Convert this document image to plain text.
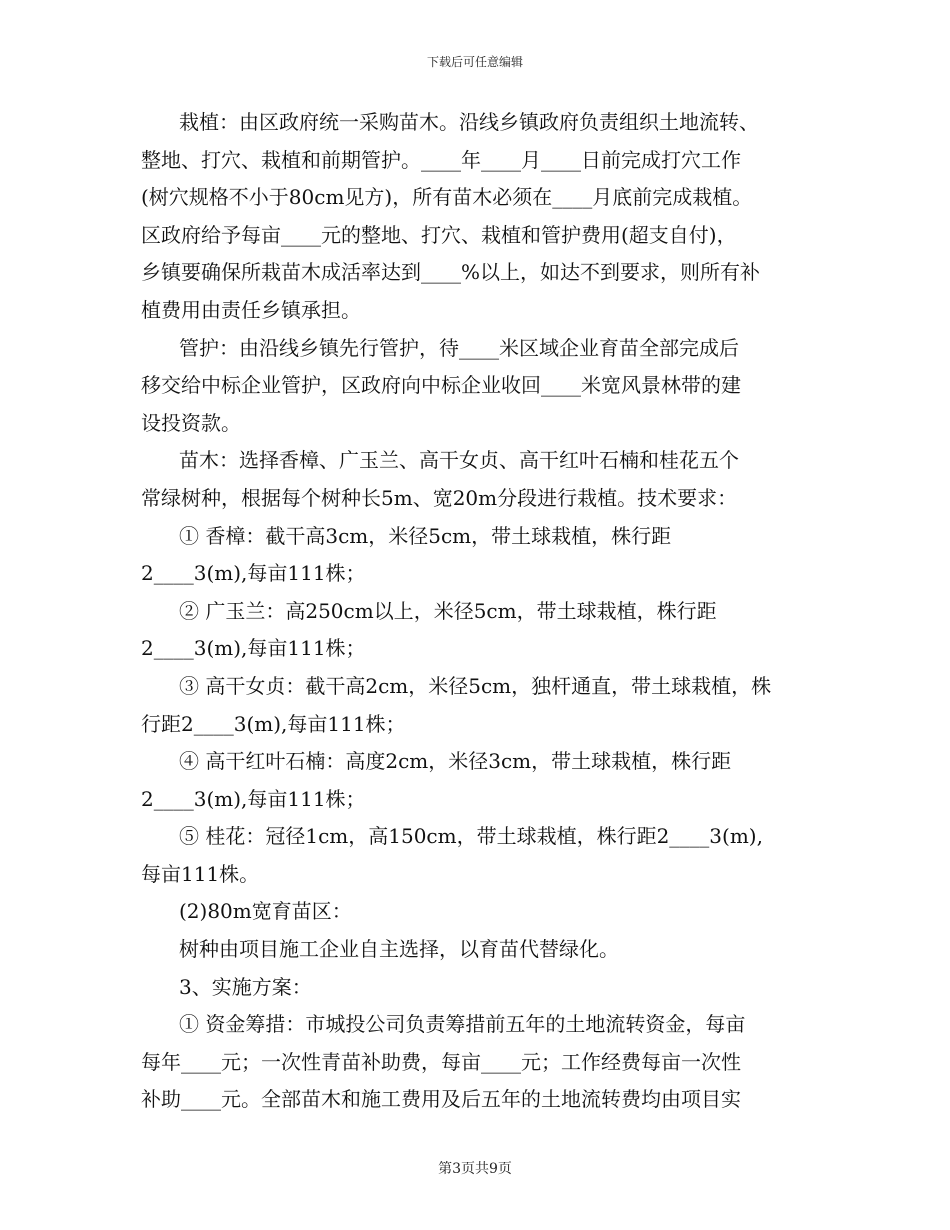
下载后可任意编辑
栽植：由区政府统一采购苗木。沿线乡镇政府负责组织土地流转、
整地、打穴、栽植和前期管护。____年____月____日前完成打穴工作
(树穴规格不小于80cm见方)，所有苗木必须在____月底前完成栽植。
区政府给予每亩____元的整地、打穴、栽植和管护费用(超支自付)，
乡镇要确保所栽苗木成活率达到____%以上，如达不到要求，则所有补
植费用由责任乡镇承担。
管护：由沿线乡镇先行管护，待____米区域企业育苗全部完成后
移交给中标企业管护，区政府向中标企业收回____米宽风景林带的建
设投资款。
苗木：选择香樟、广玉兰、高干女贞、高干红叶石楠和桂花五个
常绿树种，根据每个树种长5m、宽20m分段进行栽植。技术要求：
① 香樟：截干高3cm，米径5cm，带土球栽植，株行距
2____3(m),每亩111株；
② 广玉兰：高250cm以上，米径5cm，带土球栽植，株行距
2____3(m),每亩111株；
③ 高干女贞：截干高2cm，米径5cm，独杆通直，带土球栽植，株
行距2____3(m),每亩111株；
④ 高干红叶石楠：高度2cm，米径3cm，带土球栽植，株行距
2____3(m),每亩111株；
⑤ 桂花：冠径1cm，高150cm，带土球栽植，株行距2____3(m),
每亩111株。
(2)80m宽育苗区：
树种由项目施工企业自主选择，以育苗代替绿化。
3、实施方案：
① 资金筹措：市城投公司负责筹措前五年的土地流转资金，每亩
每年____元；一次性青苗补助费，每亩____元；工作经费每亩一次性
补助____元。全部苗木和施工费用及后五年的土地流转费均由项目实
第3页共9页
